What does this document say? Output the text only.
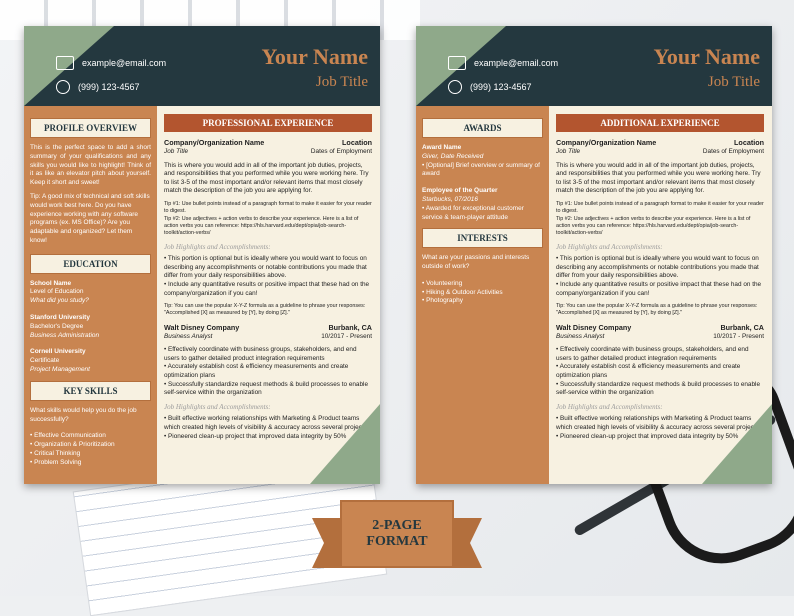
example@email.com
(999) 123-4567
Your Name
Job Title
PROFILE OVERVIEW

This is the perfect space to add a short summary of your qualifications and any skills you would like to highlight! Think of it as like an elevator pitch about yourself. Keep it short and sweet!

Tip: A good mix of technical and soft skills would work best here. Do you have experience working with any software programs (ex. MS Office)? Are you adaptable and organized? Let them know!

EDUCATION
School Name
Level of Education
What did you study?
Stanford University
Bachelor's Degree
Business Administration
Cornell University
Certificate
Project Management
KEY SKILLS

What skills would help you do the job successfully?

• Effective Communication
• Organization & Prioritization
• Critical Thinking
• Problem Solving
PROFESSIONAL EXPERIENCE
Company/Organization Name	Location
Job Title	Dates of Employment

This is where you would add in all of the important job duties, projects, and responsibilities that you performed while you were working here. Try to list 3-5 of the most important and/or relevant items that most closely match the description of the job you are applying for.

Tip #1: Use bullet points instead of a paragraph format to make it easier for your reader to digest.

Tip #2: Use adjectives + action verbs to describe your experience. Here is a list of action verbs you can reference: https://hls.harvard.edu/dept/opia/job-search-toolkit/action-verbs/

Job Highlights and Accomplishments:

• This portion is optional but is ideally where you would want to focus on describing any accomplishments or notable contributions you made that differ from your daily responsibilities above.

• Include any quantitative results or positive impact that these had on the company/organization if you can!

Tip: You can use the popular X-Y-Z formula as a guideline to phrase your responses: "Accomplished [X] as measured by [Y], by doing [Z]."

Walt Disney Company	Burbank, CA
Business Analyst	10/2017 - Present

• Effectively coordinate with business groups, stakeholders, and end users to gather detailed product integration requirements

• Accurately establish cost & efficiency measurements and create optimization plans

• Successfully standardize request methods & build processes to enable self-service within the organization

Job Highlights and Accomplishments:

• Built effective working relationships with Marketing & Product teams which created high levels of visibility & accuracy across several projects

• Pioneered clean-up project that improved data integrity by 50%

example@email.com
(999) 123-4567
Your Name
Job Title
AWARDS
Award Name
Giver, Date Received

• [Optional] Brief overview or summary of award

Employee of the Quarter
Starbucks, 07/2016

• Awarded for exceptional customer service & team-player attitude

INTERESTS

What are your passions and interests outside of work?

• Volunteering
• Hiking & Outdoor Activities
• Photography
ADDITIONAL EXPERIENCE
Company/Organization Name	Location
Job Title	Dates of Employment

This is where you would add in all of the important job duties, projects, and responsibilities that you performed while you were working here. Try to list 3-5 of the most important and/or relevant items that most closely match the description of the job you are applying for.

Tip #1: Use bullet points instead of a paragraph format to make it easier for your reader to digest.

Tip #2: Use adjectives + action verbs to describe your experience. Here is a list of action verbs you can reference: https://hls.harvard.edu/dept/opia/job-search-toolkit/action-verbs/

Job Highlights and Accomplishments:

• This portion is optional but is ideally where you would want to focus on describing any accomplishments or notable contributions you made that differ from your daily responsibilities above.

• Include any quantitative results or positive impact that these had on the company/organization if you can!

Tip: You can use the popular X-Y-Z formula as a guideline to phrase your responses: "Accomplished [X] as measured by [Y], by doing [Z]."

Walt Disney Company	Burbank, CA
Business Analyst	10/2017 - Present

• Effectively coordinate with business groups, stakeholders, and end users to gather detailed product integration requirements

• Accurately establish cost & efficiency measurements and create optimization plans

• Successfully standardize request methods & build processes to enable self-service within the organization

Job Highlights and Accomplishments:

• Built effective working relationships with Marketing & Product teams which created high levels of visibility & accuracy across several projects

• Pioneered clean-up project that improved data integrity by 50%

2-PAGE
FORMAT
